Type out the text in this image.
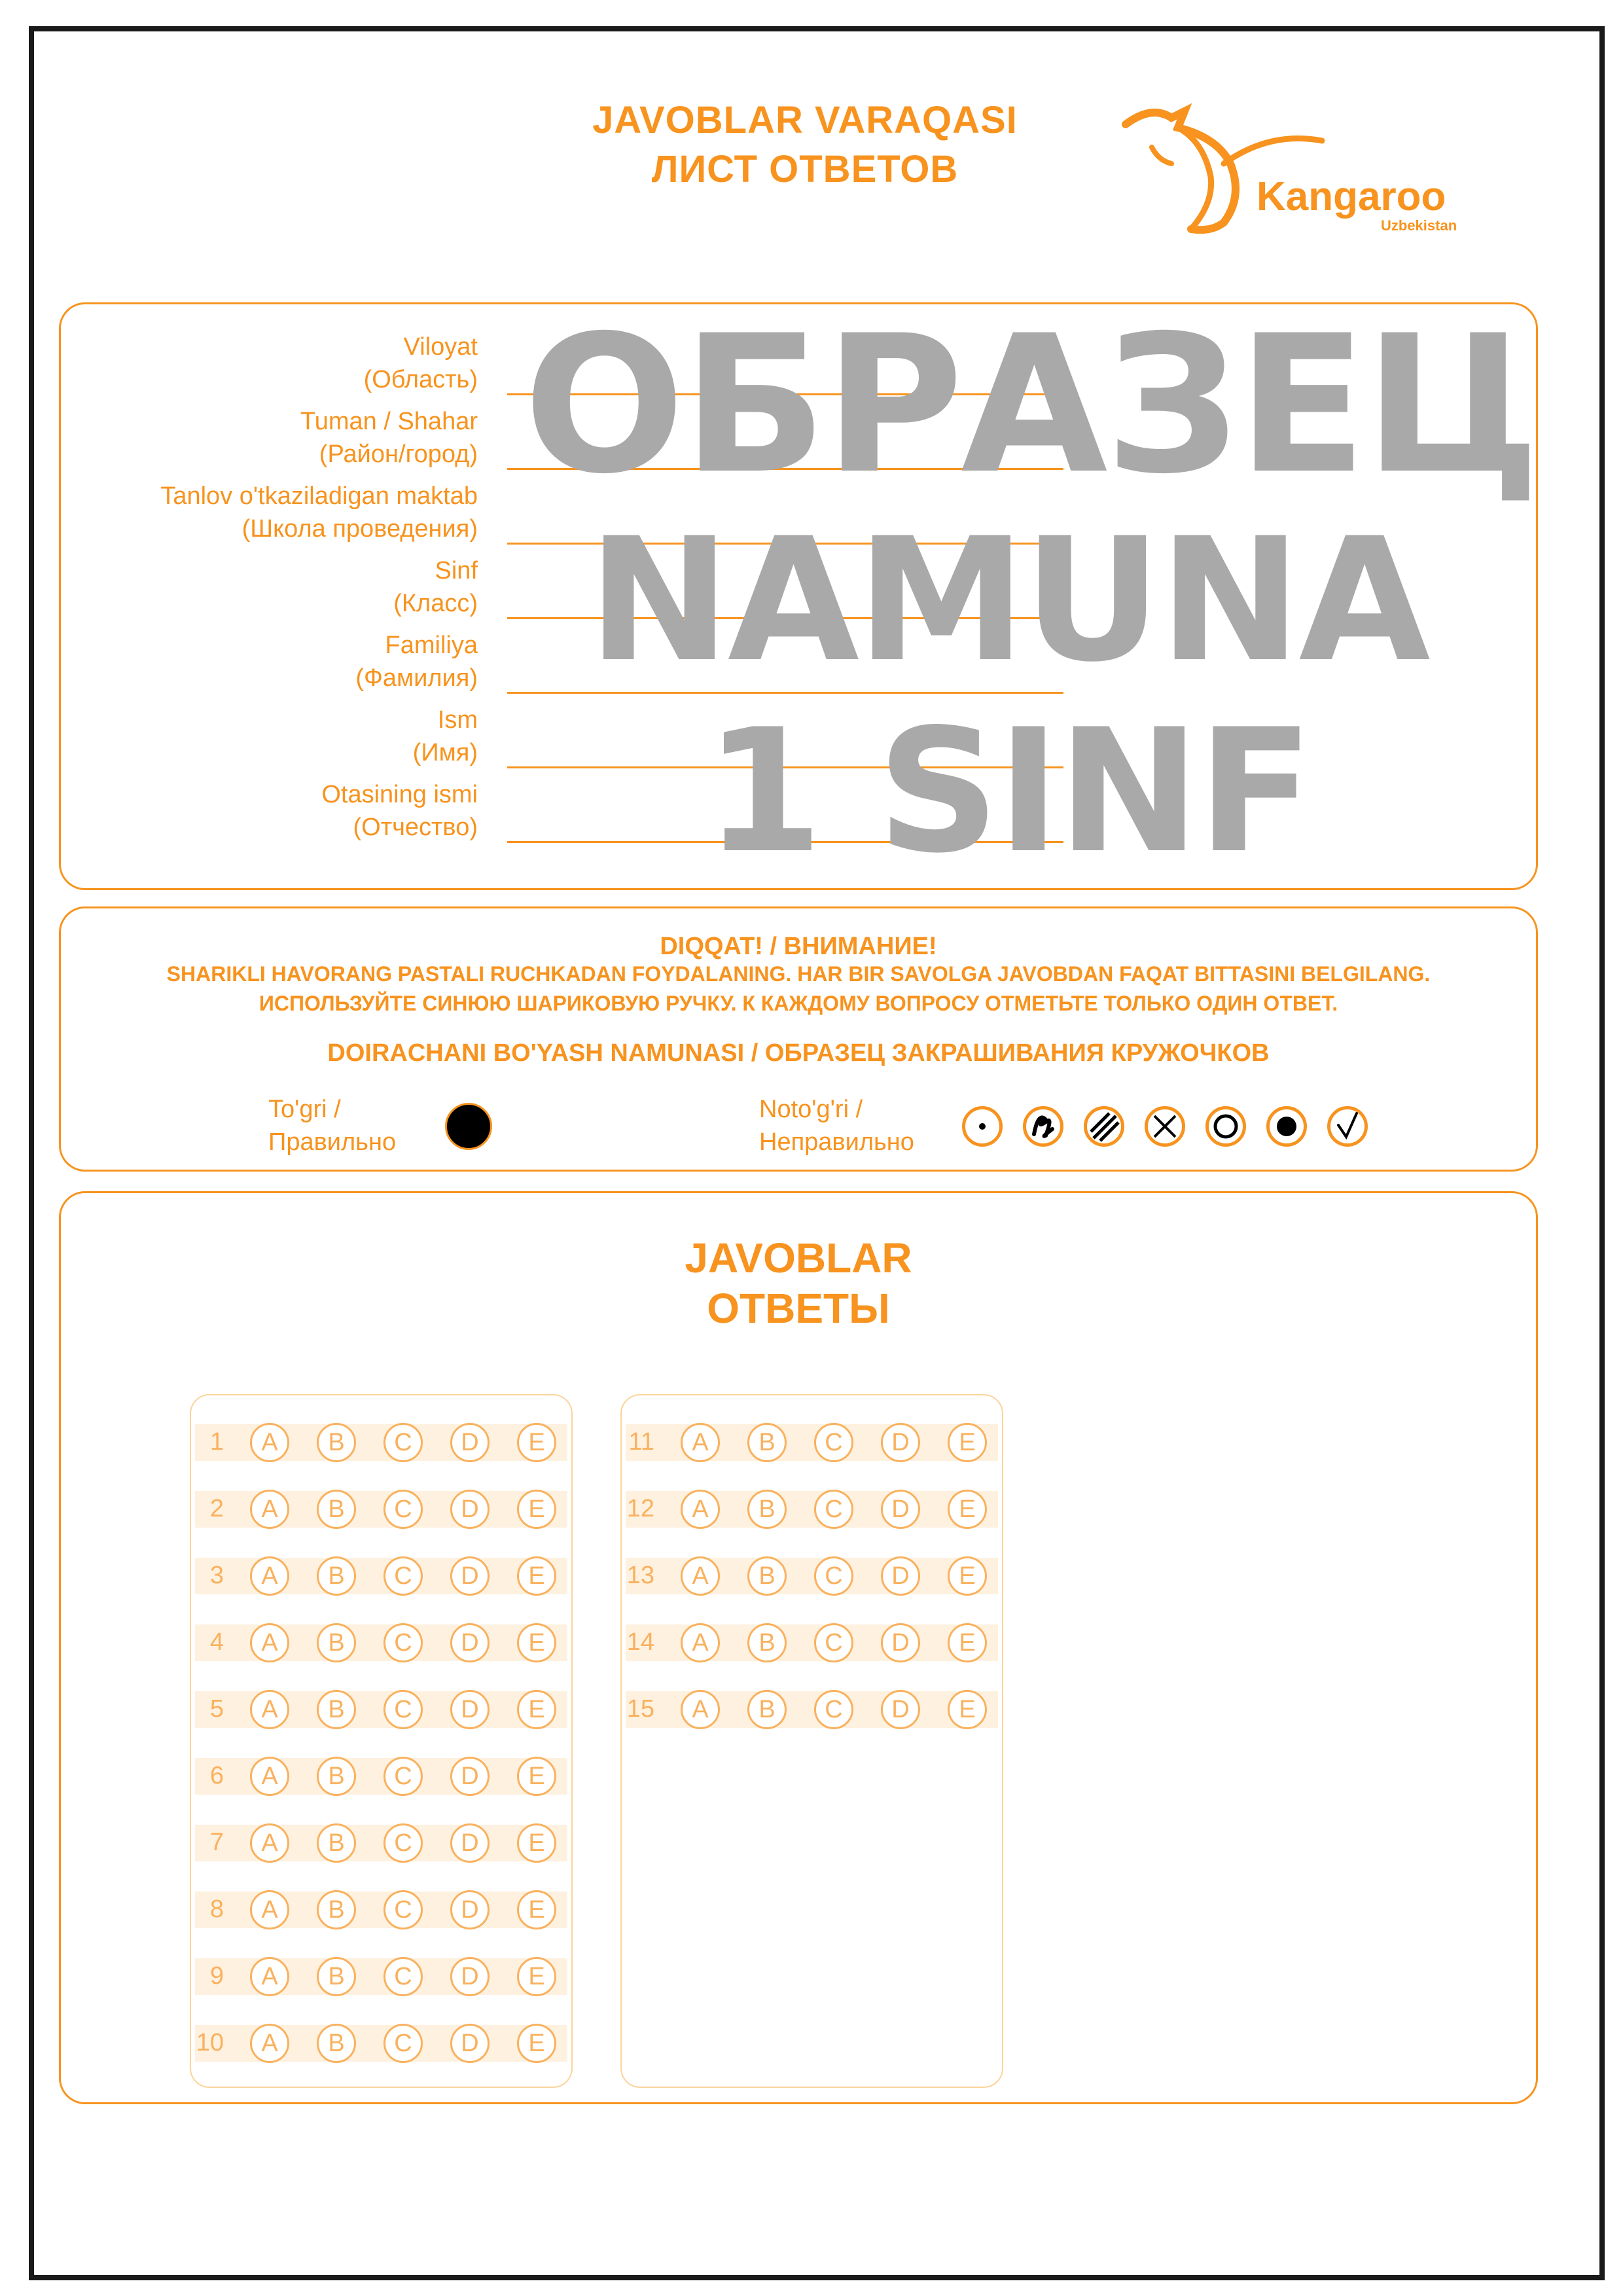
JAVOBLAR VARAQASI
ЛИСТ ОТВЕТОВ
Kangaroo
Uzbekistan
Viloyat
(Область)
Tuman / Shahar
(Район/город)
Tanlov o'tkaziladigan maktab
(Школа проведения)
Sinf
(Класс)
Familiya
(Фамилия)
Ism
(Имя)
Otasining ismi
(Отчество)
ОБРАЗЕЦ
NAMUNA
1 SINF
DIQQAT! / ВНИМАНИЕ!
SHARIKLI HAVORANG PASTALI RUCHKADAN FOYDALANING. HAR BIR SAVOLGA JAVOBDAN FAQAT BITTASINI BELGILANG.
ИСПОЛЬЗУЙТЕ СИНЮЮ ШАРИКОВУЮ РУЧКУ. К КАЖДОМУ ВОПРОСУ ОТМЕТЬТЕ ТОЛЬКО ОДИН ОТВЕТ.
DOIRACHANI BO'YASH NAMUNASI / ОБРАЗЕЦ ЗАКРАШИВАНИЯ КРУЖОЧКОВ
To'gri /
Правильно
Noto'g'ri /
Неправильно
JAVOBLAR
ОТВЕТЫ
1	A	B	C	D	E
2	A	B	C	D	E
3	A	B	C	D	E
4	A	B	C	D	E
5	A	B	C	D	E
6	A	B	C	D	E
7	A	B	C	D	E
8	A	B	C	D	E
9	A	B	C	D	E
10	A	B	C	D	E
11	A	B	C	D	E
12	A	B	C	D	E
13	A	B	C	D	E
14	A	B	C	D	E
15	A	B	C	D	E
